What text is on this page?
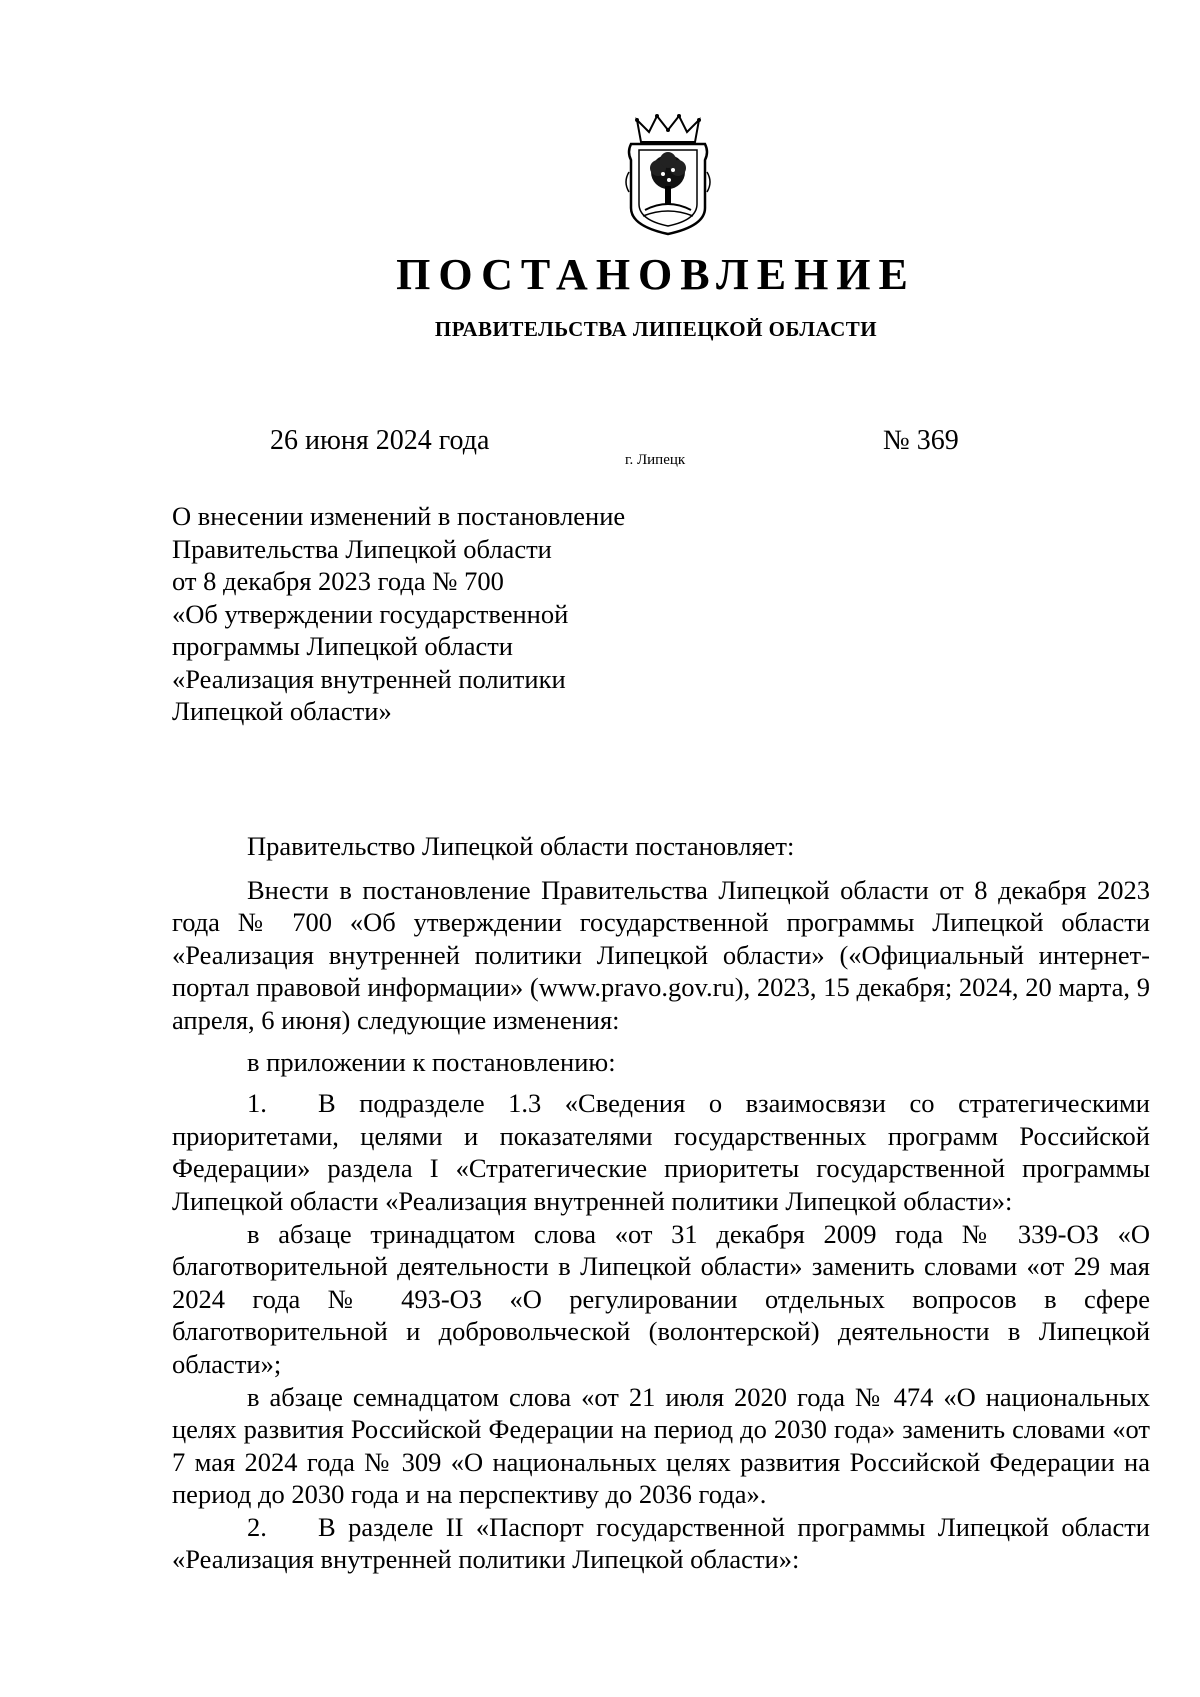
ПОСТАНОВЛЕНИЕ
ПРАВИТЕЛЬСТВА ЛИПЕЦКОЙ ОБЛАСТИ
26 июня 2024 года
г. Липецк
№ 369
О внесении изменений в постановление
Правительства Липецкой области
от 8 декабря 2023 года № 700
«Об утверждении государственной
программы Липецкой области
«Реализация внутренней политики
Липецкой области»

Правительство Липецкой области постановляет:

Внести в постановление Правительства Липецкой области от 8 декабря 2023 года № 700 «Об утверждении государственной программы Липецкой области «Реализация внутренней политики Липецкой области» («Официальный интернет-портал правовой информации» (www.pravo.gov.ru), 2023, 15 декабря; 2024, 20 марта, 9 апреля, 6 июня) следующие изменения:

в приложении к постановлению:

1. В подразделе 1.3 «Сведения о взаимосвязи со стратегическими приоритетами, целями и показателями государственных программ Российской Федерации» раздела I «Стратегические приоритеты государственной программы Липецкой области «Реализация внутренней политики Липецкой области»:

в абзаце тринадцатом слова «от 31 декабря 2009 года № 339-ОЗ «О благотворительной деятельности в Липецкой области» заменить словами «от 29 мая 2024 года № 493-ОЗ «О регулировании отдельных вопросов в сфере благотворительной и добровольческой (волонтерской) деятельности в Липецкой области»;

в абзаце семнадцатом слова «от 21 июля 2020 года № 474 «О национальных целях развития Российской Федерации на период до 2030 года» заменить словами «от 7 мая 2024 года № 309 «О национальных целях развития Российской Федерации на период до 2030 года и на перспективу до 2036 года».

2. В разделе II «Паспорт государственной программы Липецкой области «Реализация внутренней политики Липецкой области»:
